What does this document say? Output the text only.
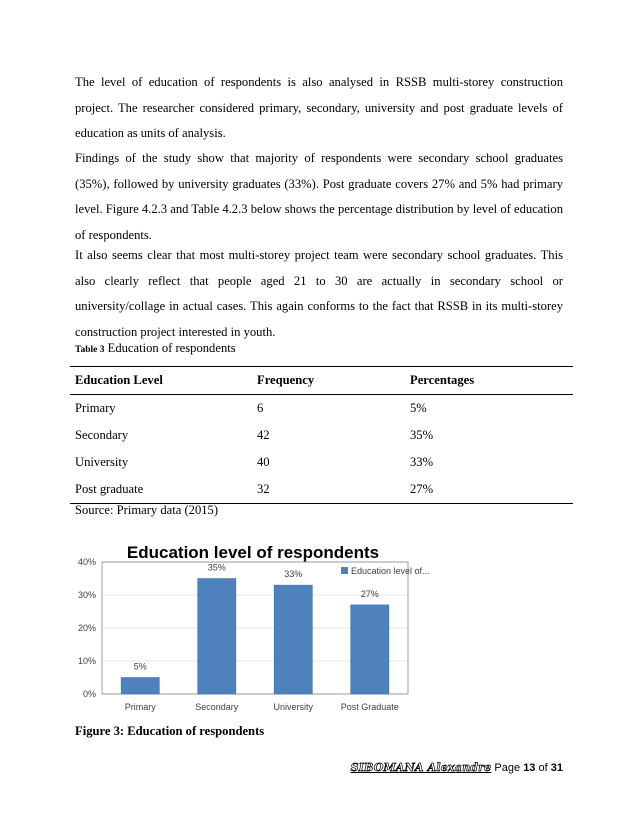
The level of education of respondents is also analysed in RSSB multi-storey construction project. The researcher considered primary, secondary, university and post graduate levels of education as units of analysis.

Findings of the study show that majority of respondents were secondary school graduates (35%), followed by university graduates (33%). Post graduate covers 27% and 5% had primary level. Figure 4.2.3 and Table 4.2.3 below shows the percentage distribution by level of education of respondents.

It also seems clear that most multi-storey project team were secondary school graduates. This also clearly reflect that people aged 21 to 30 are actually in secondary school or university/collage in actual cases. This again conforms to the fact that RSSB in its multi-storey construction project interested in youth.

Table 3 Education of respondents
Education Level	Frequency	Percentages
Primary	6	5%
Secondary	42	35%
University	40	33%
Post graduate	32	27%
Source: Primary data (2015)
0%
10%
20%
30%
40%
5%
35%
33%
27%
Primary	Secondary	University	Post Graduate
Education level of respondents
Education level of...
Figure 3: Education of respondents
SIBOMANA Alexandre Page 13 of 31
